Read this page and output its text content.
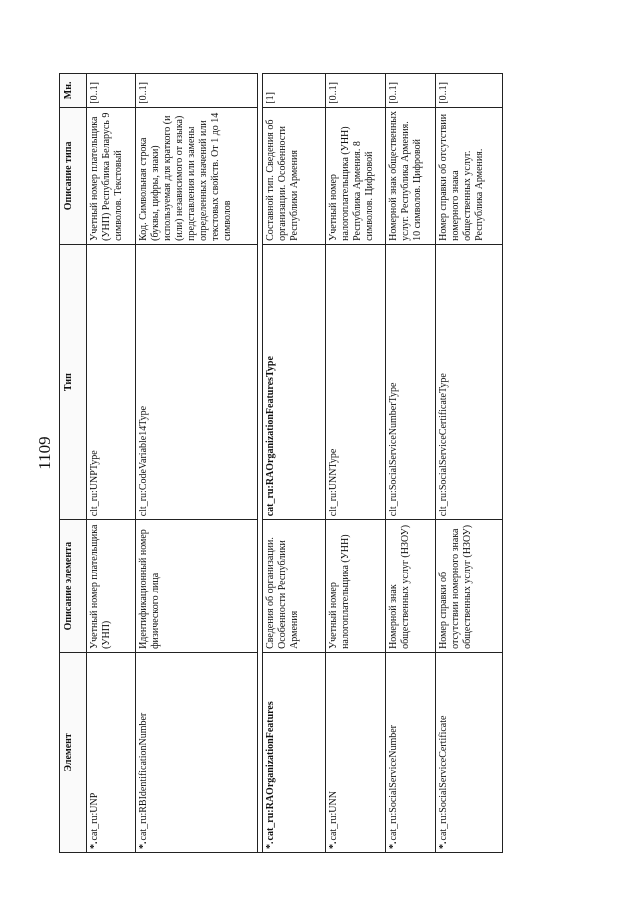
1109
Элемент	Описание элемента	Тип	Описание типа	Мн.
*.cat_ru:UNP	Учетный номер плательщика (УНП)	clt_ru:UNPType	Учетный номер плательщика (УНП) Республика Беларусь 9 символов. Текстовый	[0..1]
*.cat_ru:RBIdentificationNumber	Идентификационный номер физического лица	clt_ru:CodeVariable14Type	Код. Символьная строка (буквы, цифры, знаки) используемая для краткого (и (или) независимого от языка) представления или замены определенных значений или текстовых свойств. От 1 до 14 символов	[0..1]

*.cat_ru:RAOrganizationFeatures	Сведения об организации. Особенности Республики Армения	cat_ru:RAOrganizationFeaturesType	Составной тип. Сведения об организации. Особенности Республики Армения	[1]
*.cat_ru:UNN	Учетный номер налогоплательщика (УНН)	clt_ru:UNNType	Учетный номер налогоплательщика (УНН) Республика Армения. 8 символов. Цифровой	[0..1]
*.cat_ru:SocialServiceNumber	Номерной знак общественных услуг (НЗОУ)	clt_ru:SocialServiceNumberType	Номерной знак общественных услуг. Республика Армения. 10 символов. Цифровой	[0..1]
*.cat_ru:SocialServiceCertificate	Номер справки об отсутствии номерного знака общественных услуг (НЗОУ)	clt_ru:SocialServiceCertificateType	Номер справки об отсутствии номерного знака общественных услуг. Республика Армения.	[0..1]
